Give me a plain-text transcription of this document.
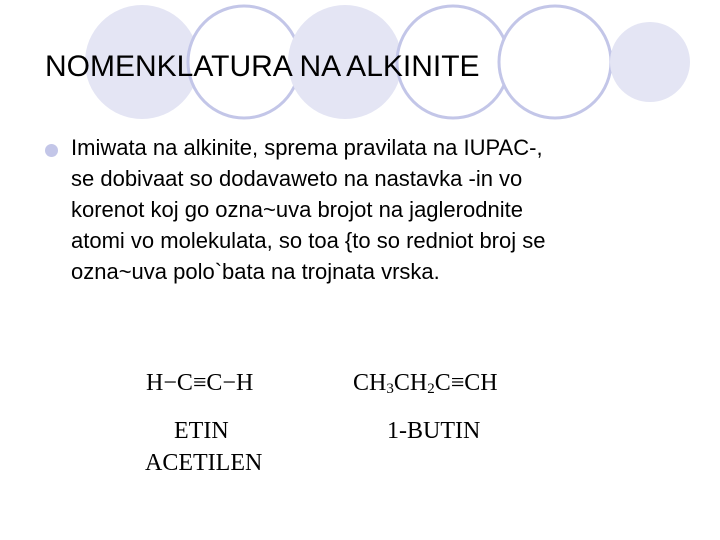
NOMENKLATURA NA ALKINITE
Imiwata na alkinite, sprema pravilata na IUPAC-,
se dobivaat so dodavaweto na nastavka -in vo
korenot koj go ozna~uva brojot na jaglerodnite
atomi vo molekulata, so toa {to so redniot broj se
ozna~uva polo`bata na trojnata vrska.
H−C≡C−H
ETIN
ACETILEN
$CH_3CH_2C\equiv CH$
1-BUTIN
